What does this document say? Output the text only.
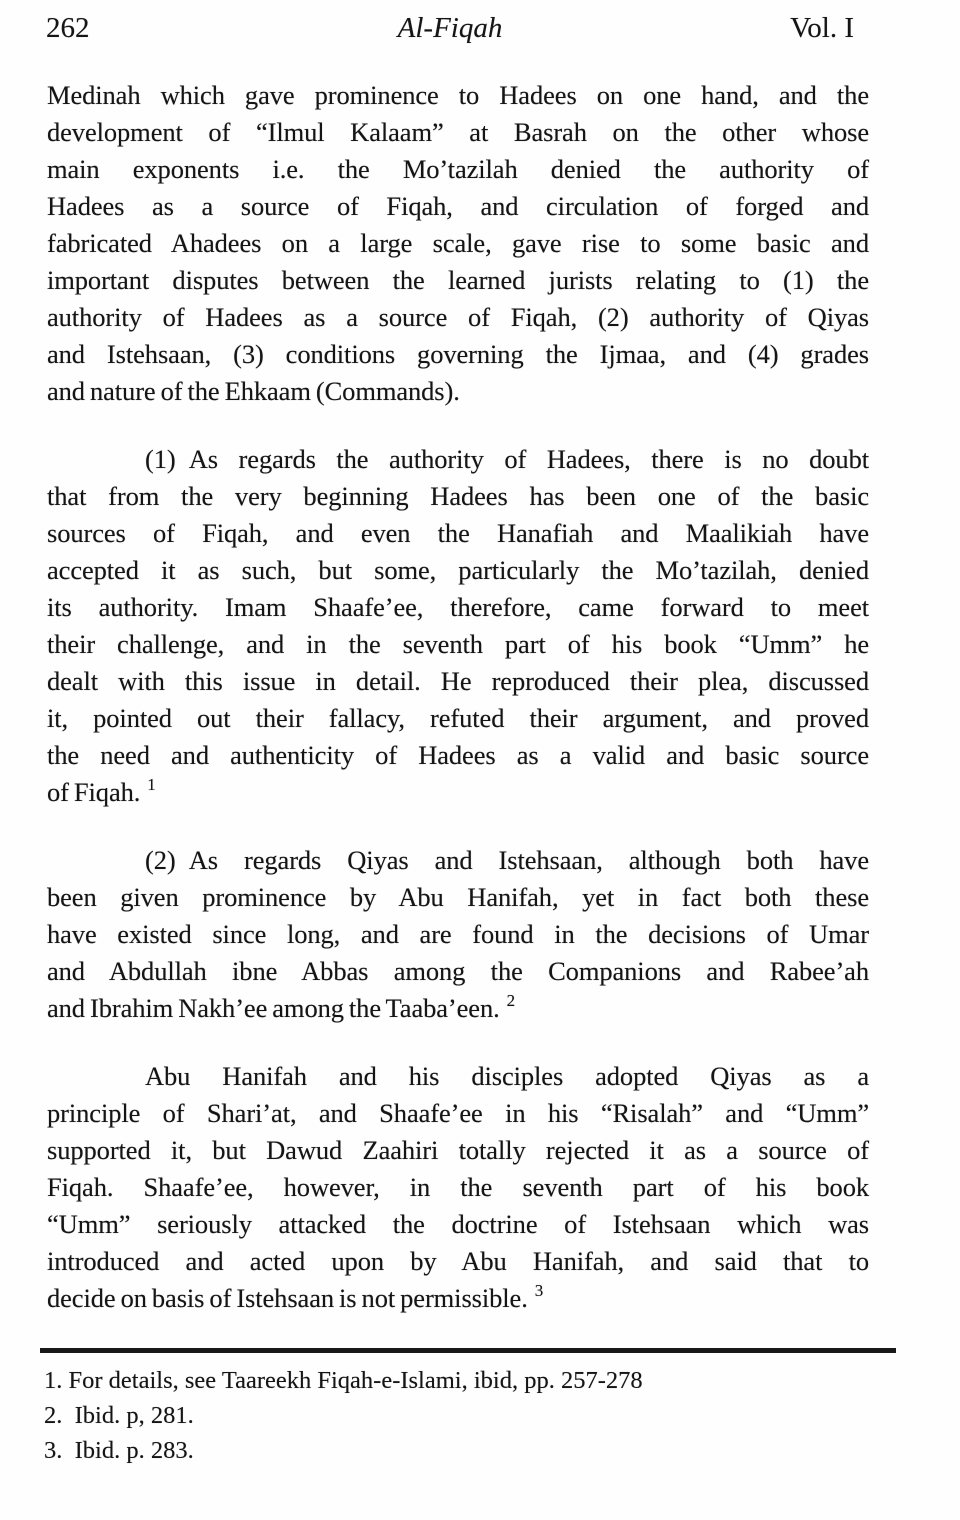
262	Al-Fiqah	Vol. I

Medinah which gave prominence to Hadees on one hand, and the
development of “Ilmul Kalaam” at Basrah on the other whose
main exponents i.e. the Mo’tazilah denied the authority of
Hadees as a source of Fiqah, and circulation of forged and
fabricated Ahadees on a large scale, gave rise to some basic and
important disputes between the learned jurists relating to (1) the
authority of Hadees as a source of Fiqah, (2) authority of Qiyas
and Istehsaan, (3) conditions governing the Ijmaa, and (4) grades
and nature of the Ehkaam (Commands).

(1) As regards the authority of Hadees, there is no doubt
that from the very beginning Hadees has been one of the basic
sources of Fiqah, and even the Hanafiah and Maalikiah have
accepted it as such, but some, particularly the Mo’tazilah, denied
its authority. Imam Shaafe’ee, therefore, came forward to meet
their challenge, and in the seventh part of his book “Umm” he
dealt with this issue in detail. He reproduced their plea, discussed
it, pointed out their fallacy, refuted their argument, and proved
the need and authenticity of Hadees as a valid and basic source
of Fiqah. $^1$

(2) As regards Qiyas and Istehsaan, although both have
been given prominence by Abu Hanifah, yet in fact both these
have existed since long, and are found in the decisions of Umar
and Abdullah ibne Abbas among the Companions and Rabee’ah
and Ibrahim Nakh’ee among the Taaba’een. $^2$

Abu Hanifah and his disciples adopted Qiyas as a
principle of Shari’at, and Shaafe’ee in his “Risalah” and “Umm”
supported it, but Dawud Zaahiri totally rejected it as a source of
Fiqah. Shaafe’ee, however, in the seventh part of his book
“Umm” seriously attacked the doctrine of Istehsaan which was
introduced and acted upon by Abu Hanifah, and said that to
decide on basis of Istehsaan is not permissible. $^3$

1. For details, see Taareekh Fiqah-e-Islami, ibid, pp. 257-278
2. Ibid. p, 281.
3. Ibid. p. 283.
